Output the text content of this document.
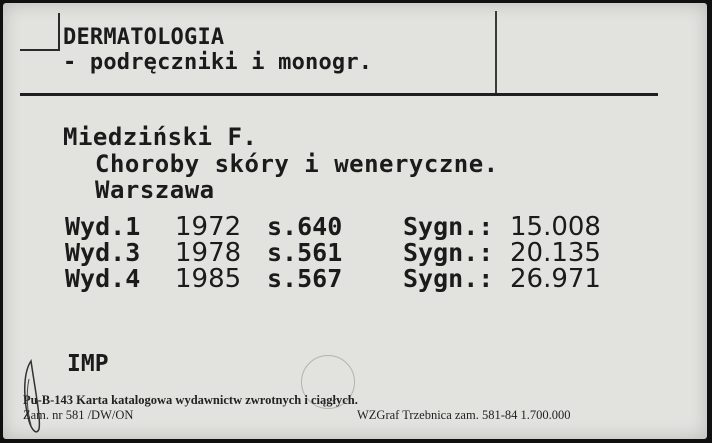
DERMATOLOGIA
- podręczniki i monogr.
Miedziński F.
Choroby skóry i weneryczne.
Warszawa
Wyd.1 1972 s.640 Sygn.: 15.008
Wyd.3 1978 s.561 Sygn.: 20.135
Wyd.4 1985 s.567 Sygn.: 26.971
IMP
Pu-B-143 Karta katalogowa wydawnictw zwrotnych i ciągłych.
Zam. nr 581 /DW/ON	WZGraf Trzebnica zam. 581-84 1.700.000
